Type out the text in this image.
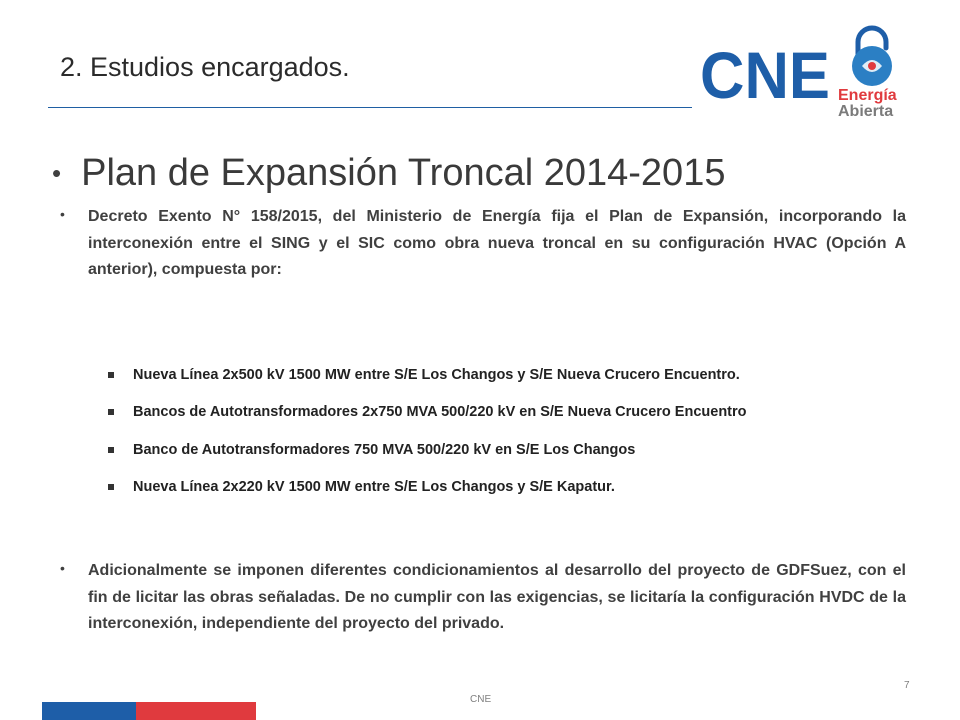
2. Estudios encargados.	CNE Energía
Abierta
• Plan de Expansión Troncal 2014-2015
• Decreto Exento N° 158/2015, del Ministerio de Energía fija el Plan de Expansión, incorporando la interconexión entre el SING y el SIC como obra nueva troncal en su configuración HVAC (Opción A anterior), compuesta por:
Nueva Línea 2x500 kV 1500 MW entre S/E Los Changos y S/E Nueva Crucero Encuentro.
Bancos de Autotransformadores 2x750 MVA 500/220 kV en S/E Nueva Crucero Encuentro
Banco de Autotransformadores 750 MVA 500/220 kV en S/E Los Changos
Nueva Línea 2x220 kV 1500 MW entre S/E Los Changos y S/E Kapatur.
• Adicionalmente se imponen diferentes condicionamientos al desarrollo del proyecto de GDFSuez, con el fin de licitar las obras señaladas. De no cumplir con las exigencias, se licitaría la configuración HVDC de la interconexión, independiente del proyecto del privado.
CNE
7
